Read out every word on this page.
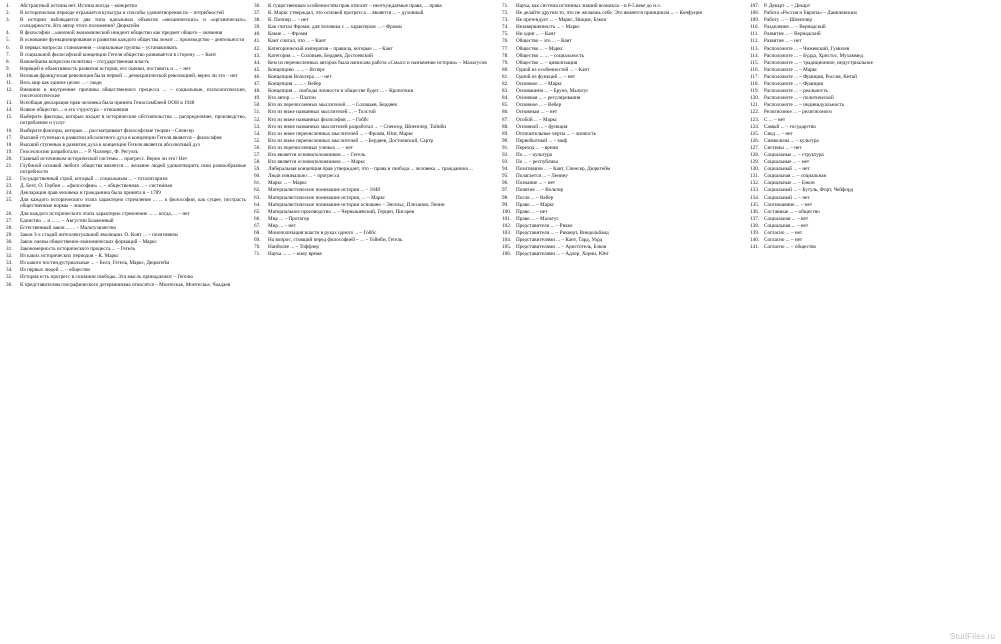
1.	Абстрактный истины нет. Истина всегда – конкретна
2.	В историческом периоде отражается культура и способы удовлетворения их – потребностей
3.	В истории наблюдается два типа идеальных объектов «механических» и «органических» солидарности. Кто автор этого положения? Дюркгейм
4.	В философии ...ыночной экономический инидент общество как предмет общего – значения
5.	В основание функционирования и развития каждого общества лежит ... производство – деятельности
6.	В первых вопросах становления – социальные группы – устанавливать
7.	В социальной философской концепции Гегеля общество развивается в сторону ... – Конт
8.	Важнейшим вопросом политики – государственная власть
9.	Верящей в объективность развития истории, его оценки, поставить и ... – нет
10.	Великая французская революция была первой ... демократической революцией, верно ли это – нет
11.	Весь мир как единое целое ... – люди
12.	Внешние и внутренние причины общественного процесса ... – социальные, психологические, гносеологические
13.	Всеобщая декларация прав человека была принята Генассамблеей ООН в 1948
14.	Всякое общество ... и его структура – отношения
15.	Выберите факторы, которые входят в исторические обстоятельства ... распределение, производство, потребление и услуг
16.	Выберите факторы, которые ... рассматривают философские теории – Спенсер
17.	Высшей ступенью в развитии абсолютного духа в концепции Гегеля является – философия
18.	Высший ступенью в развитии духа в концепции Гегеля является абсолютный дух
19.	Гносеологию разработали ... – Р. Чалмерс, Ф. Регуэль
20.	Главный источником исторической системы ... прогресс. Верно ли это? Нет
21.	Глубиной основой любого общества является ... желание людей удовлетворить свои разнообразные потребности
22.	Государственный строй, который ... социальным ... – тоталитаризм
23.	Д. Бехт, О. Гербин ... «философии» ... – общественная ... – системная
24.	Декларация прав человека и гражданина была принята в – 1789
25.	Для каждого исторического этапа характерно стремление ... ... к философии, как сущее, пострасть общественные нормы – лишние
26.	Для каждого исторического этапа характерно стремление ... ... когда, ... – нет
27.	Единство ... и ... ... – Августин Блаженный
28.	Естественный закон ... ... – Мальтузианство
29.	Закон 3-х стадий интеллектуальной эволюции. О. Конт ... – позитивизм
30.	Закон смены общественно-экономических формаций – Маркс
31.	Закономерность исторического процесса ... – Гегель
32.	Из каких исторических периодов – К. Маркс
33.	Из какого постиндустриальные ... – Белл, Гегель, Маркс, Дюркгейм
34.	Из первых людей ... – общество
35.	История есть прогресс в сознании свободы. Эта мысль принадлежит – Гегелю
36.	К представителям географического детерминизма относятся – Монтескье, Монтескье, Чаадаев
36.	К существенным особенностям прав относят – неотчуждаемые права, ... права
37.	К. Маркс утверждал, что основой прогресса ... является ... – духовный
38.	К. Поппер ... – нет
39.	Как считал Фромм, для человека с ... характером ... – Фромм
40.	Какие ... – Фромм
41.	Кант считал, что ... – Кант
42.	Категорический императив – правила, которые ... – Кант
43.	Категория ... – Соловьев, Бердяев, Достоевский
44.	Кем из перечисленных авторов была написана работа «Смысл и назначение истории» – Мальтусов
45.	Концепцию ... ... – Ясперс
46.	Концепция Вольтера ... – нет
47.	Концепция ... ... – Вебер
48.	Концепция ... свободы личности в обществе будет ... – Кропоткин
49.	Кто автор ... – Платон
50.	Кто из перечисленных мыслителей ... – Соловьев, Бердяев
51.	Кто из ниже названных мыслителей ... – Толстой
52.	Кто из ниже названных философов ... – Гоббс
53.	Кто из ниже названных мыслителей разработал ... – Спенсер, Шпенглер, Тойнби
54.	Кто из ниже перечисленных мыслителей ... – Фромм, Юнг, Маркс
55.	Кто из ниже перечисленных мыслителей ... – Бердяев, Достоевский, Сартр
56.	Кто из перечисленных ученых ... – нет
57.	Кто является основоположником ... – Гегель
58.	Кто является основоположником ... – Маркс
59.	Либеральная концепция прав утверждает, что – права и свобода ... человека ... гражданина ...
60.	Люди изначально ... – прогресса
61.	Маркс ... – Маркс
62.	Материалистическое понимание истории ... – 1848
63.	Материалистическое понимание истории, ... – Маркс
64.	Материалистическое понимание истории основано – Энгельс, Плеханов, Ленин
65.	Материальное производство ... – Чернышевский, Герцен, Писарев
66.	Мир ... – Протагор
67.	Мир ... – нет
68.	Монополизация власти в руках одного ... – Гоббс
69.	На вопрос, стоящий перед философией – ... – Тойнби, Гегель
70.	Наиболее ... – Тоффлер
71.	Наука ... ... – кому время
71.	Наука, как система истинных знаний возникла – в 6-5 веке до н.э.
72.	Не делайте другим то, что не желаешь себе. Это является принципом ... – Конфуция
73.	Не претендует ... – Маркс, Ницше, Бэкон
74.	Незавершенность ... – Маркс
75.	Ни один ... – Кант
76.	Общество – это ... – Кант
77.	Общество ... – Маркс
78.	Общество ... ... – социальность
79.	Общество ... – цивилизация
80.	Одной из особенностей ... – Кант
81.	Одной из функций ... – нет
82.	Основное ... – Маркс
83.	Основанием ... – Бруно, Мальтус
84.	Основная ... – регулирования
85.	Основное ... – Вебер
86.	Основным ... – нет
87.	Особой ... – Маркс
88.	Основной ... – функция
89.	Отличительные черты ... – личность
90.	Первобытный ... – миф
91.	Переход ... – время
92.	По ... – культура
93.	По ... – республика
94.	Позитивизм ... – Кант, Спенсер, Дюркгейм
95.	Полагается ... – Ленину
96.	Познание ... – нет
97.	Понятие ... – Вольтер
98.	После ... – Вебер
99.	Право ... – Маркс
100. Право ... – нет
101. Право ... – Мальтус
102. Представители ... – Рикке
103. Представители ... – Риккерт, Виндельбанд
104. Представителями ... – Кант, Тард, Уорд
105. Представителями ... – Аристотель, Бэкон
106. Представителями ... – Адлер, Хорни, Юнг
107. Р. Декарт ... – Декарт
108. Работа «Россия и Европа» – Данилевским
109. Работу ... – Шпенглер
110. Разделение ... – Вернадский
111.	Развитие ... – Вернадский
112. Развитие ... – нет
113. Расположите ... – Чижевский, Гумилев
114. Расположите ... – Будда, Христос, Мухаммед
115. Расположите ... – традиционное, индустриальное
116. Расположите ... – Маркс
117. Расположите ... – Франция, Россия, Китай
118. Расположите ... – Франция
119. Расположите ... – реальность
120. Расположите ... – политической
121. Расположите ... – индивидуальность
122. Религиозное ... – религиозного
123. С ... – нет
124. Самый ... – государство
125. Свод ... – нет
126. Символизм ... – культура
127. Системы ... – нет
128. Социальные ... – структура
129. Социальные ... – нет
130. Социальный ... – нет
131. Социальная ... – социальная
132. Социальные ... – Бэкон
133. Социальный ... – Бутуль, Форт, Чейфорд
134. Социальный ... – нет
135. Соотношение ... – нет
136. Составные ... – общество
137. Социальная ... – нет
138. Социальная ... – нет
139. Согласно ... – нет
140. Согласно ... – нет
141. Согласно ... – общество
StudFiles.ru
